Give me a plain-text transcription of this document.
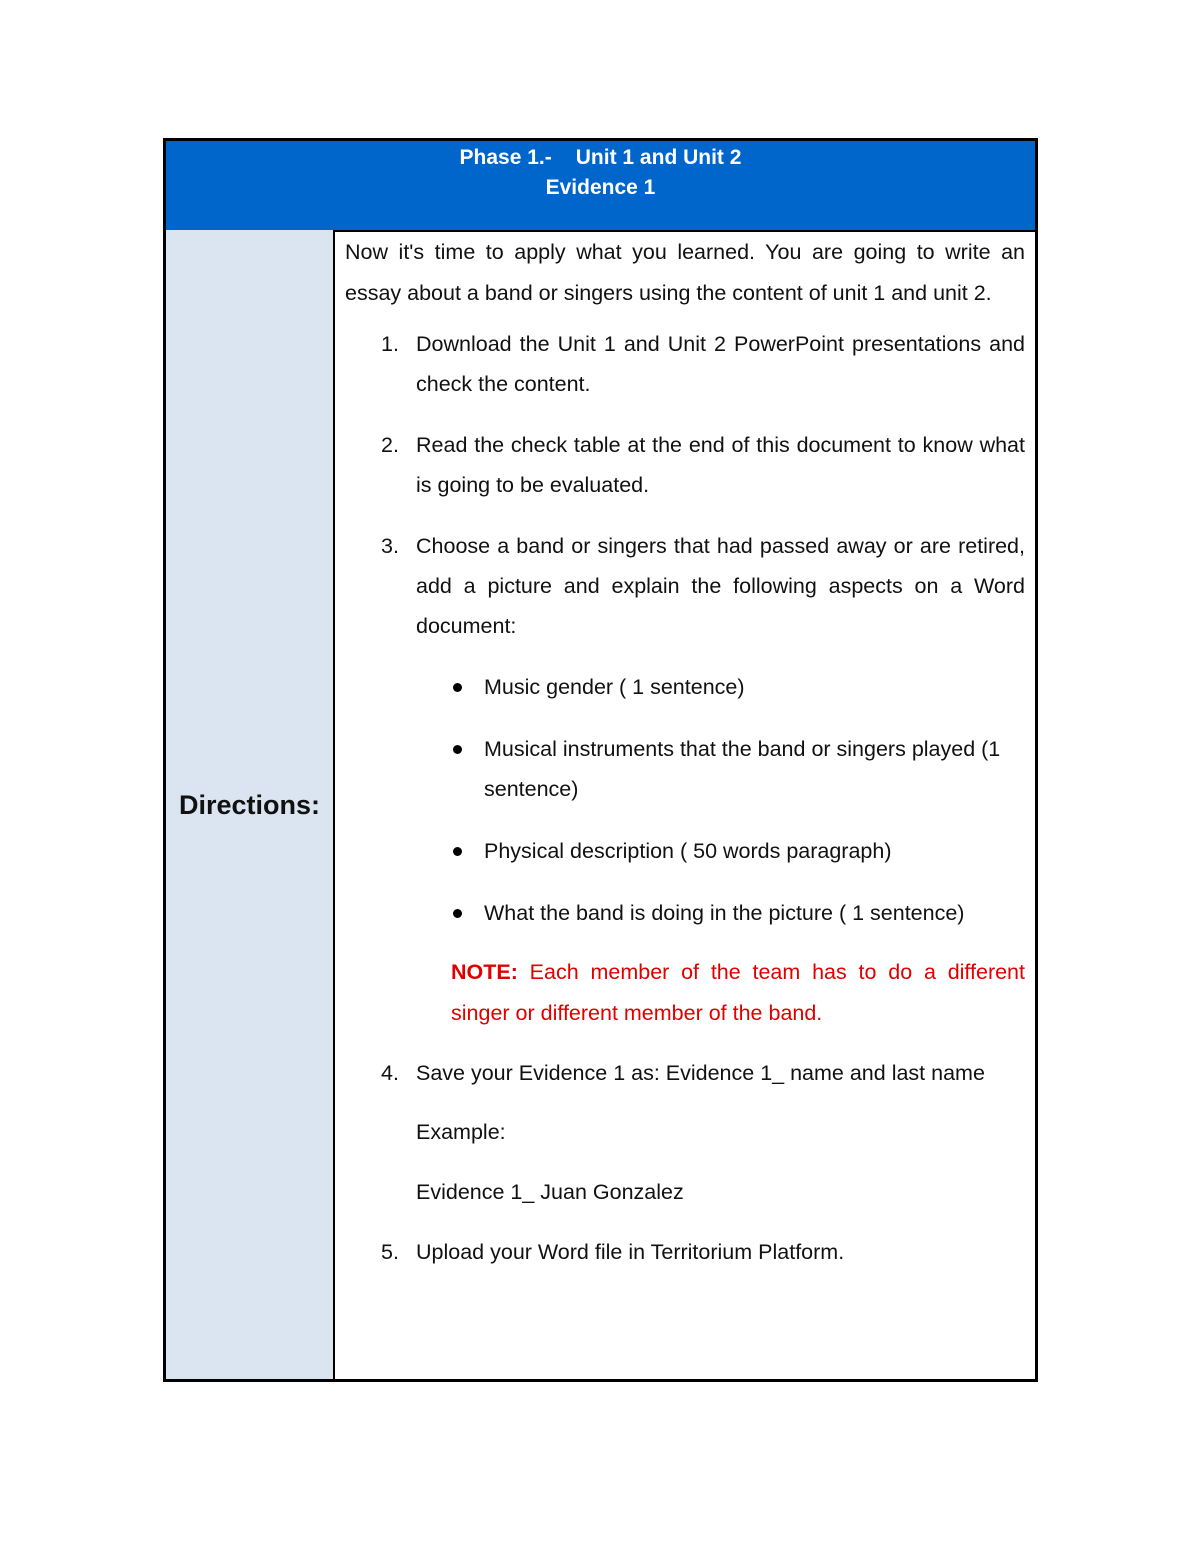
Phase 1.- Unit 1 and Unit 2
Evidence 1
Directions:

Now it's time to apply what you learned. You are going to write an essay about a band or singers using the content of unit 1 and unit 2.

1. Download the Unit 1 and Unit 2 PowerPoint presentations and check the content.
2. Read the check table at the end of this document to know what is going to be evaluated.
3. Choose a band or singers that had passed away or are retired, add a picture and explain the following aspects on a Word document:
Music gender ( 1 sentence)
Musical instruments that the band or singers played (1 sentence)
Physical description ( 50 words paragraph)
What the band is doing in the picture ( 1 sentence)
NOTE: Each member of the team has to do a different singer or different member of the band.
4. Save your Evidence 1 as: Evidence 1_ name and last name
Example:
Evidence 1_ Juan Gonzalez
5. Upload your Word file in Territorium Platform.
